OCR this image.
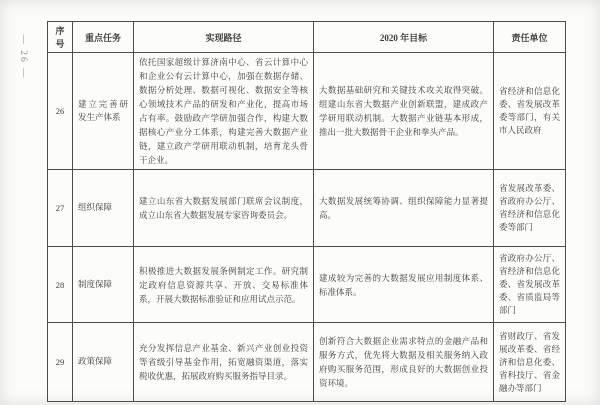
— 26 —
序号	重点任务	实现路径	2020 年目标	责任单位
26	建立完善研发生产体系	依托国家超级计算济南中心、省云计算中心和企业公有云计算中心，加强在数据存储、数据分析处理、数据可视化、数据安全等核心领域技术产品的研发和产业化，提高市场占有率。鼓励政产学研加强合作，构建大数据核心产业分工体系，构建完善大数据产业链，建立政产学研用联动机制，培育龙头骨干企业。	大数据基础研究和关键技术攻关取得突破。组建山东省大数据产业创新联盟，建成政产学研用联动机制。大数据产业链基本形成，推出一批大数据骨干企业和拳头产品。	省经济和信息化委、省发展改革委等部门，有关市人民政府
27	组织保障	建立山东省大数据发展部门联席会议制度，成立山东省大数据发展专家咨询委员会。	大数据发展统筹协调、组织保障能力显著提高。	省发展改革委、省政府办公厅、省经济和信息化委等部门
28	制度保障	积极推进大数据发展条例制定工作。研究制定政府信息资源共享、开放、交易标准体系，开展大数据标准验证和应用试点示范。	建成较为完善的大数据发展应用制度体系、标准体系。	省政府办公厅、省经济和信息化委、省发展改革委、省质监局等部门
29	政策保障	充分发挥信息产业基金、新兴产业创业投资等省级引导基金作用，拓宽融资渠道，落实税收优惠，拓展政府购买服务指导目录。	创新符合大数据企业需求特点的金融产品和服务方式，优先将大数据及相关服务纳入政府购买服务范围，形成良好的大数据创业投资环境。	省财政厅、省发展改革委、省经济和信息化委、省科技厅、省金融办等部门
